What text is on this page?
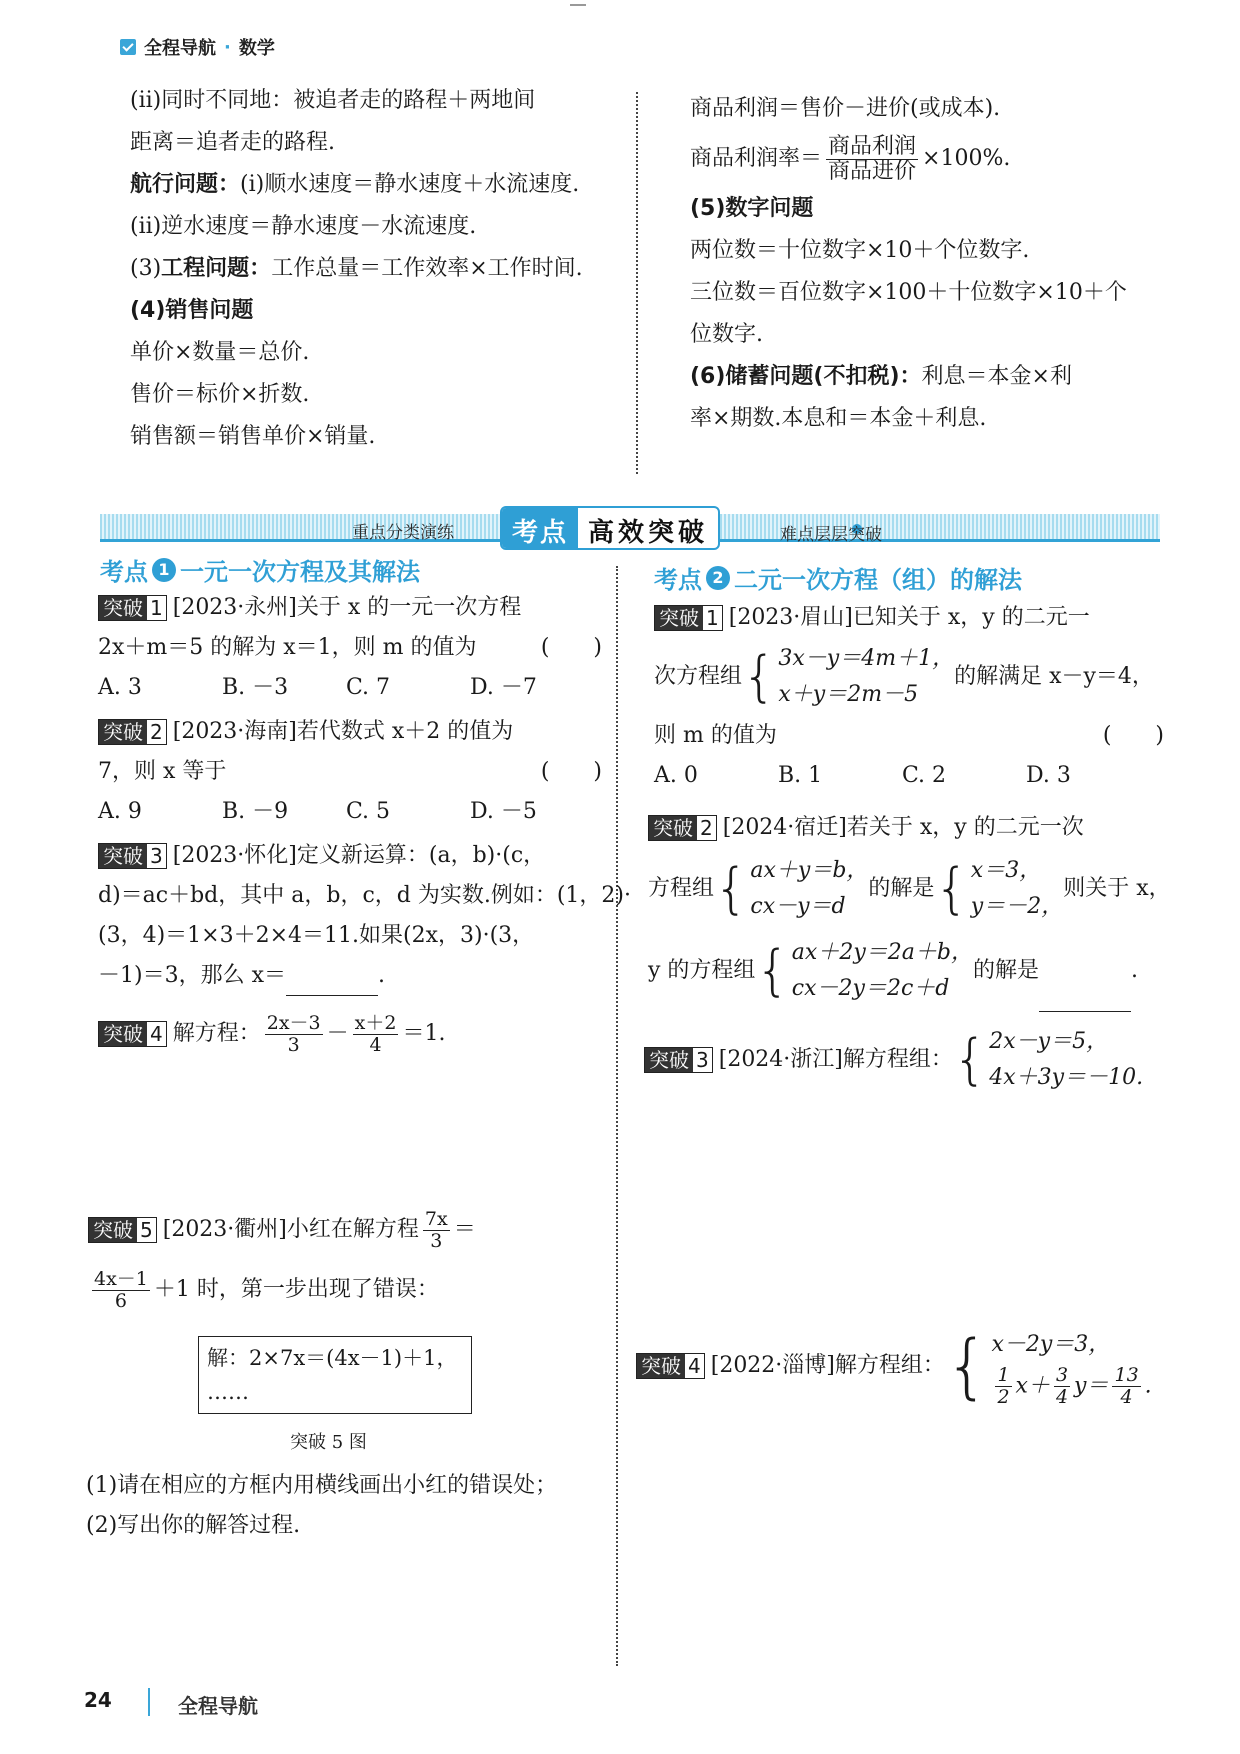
全程导航 · 数学

(ⅱ)同时不同地：被追者走的路程＋两地间

距离＝追者走的路程.

航行问题：(ⅰ)顺水速度＝静水速度＋水流速度.

(ⅱ)逆水速度＝静水速度－水流速度.

(3)工程问题：工作总量＝工作效率×工作时间.

(4)销售问题

单价×数量＝总价.

售价＝标价×折数.

销售额＝销售单价×销量.

商品利润＝售价－进价(或成本).

商品利润率＝ $\frac{\text{商品利润}}{\text{商品进价}} \times 100\%$.

(5)数字问题

两位数＝十位数字×10＋个位数字.

三位数＝百位数字×100＋十位数字×10＋个

位数字.

(6)储蓄问题(不扣税)：利息＝本金×利

率×期数.本息和＝本金＋利息.

重点分类演练	考点 高效突破	难点层层突破
考点 1 一元一次方程及其解法	考点 2 二元一次方程（组）的解法

突破 1 [2023·永州]关于 x 的一元一次方程

2x＋m＝5 的解为 x＝1，则 m 的值为	(　　)

A. 3	B. －3	C. 7	D. －7

突破 2 [2023·海南]若代数式 x＋2 的值为

7，则 x 等于	(　　)

A. 9	B. －9	C. 5	D. －5

突破 3 [2023·怀化]定义新运算：(a，b)·(c，

d)＝ac＋bd，其中 a，b，c，d 为实数.例如：(1，2)·

(3，4)＝1×3＋2×4＝11.如果(2x，3)·(3，

－1)＝3，那么 x＝	.

突破 4 解方程： $\frac{2x-3}{3} - \frac{x+2}{4} =1$.

突破 5 [2023·衢州]小红在解方程 $\frac{7x}{3}$ ＝

$\frac{4x-1}{6} +1$ 时，第一步出现了错误：

解：2×7x＝(4x－1)＋1，

……

突破 5 图

(1)请在相应的方框内用横线画出小红的错误处；

(2)写出你的解答过程.

突破 1 [2023·眉山]已知关于 x，y 的二元一

次方程组 { 3x－y＝4m＋1，
x＋y＝2m－5
的解满足 x－y＝4，

则 m 的值为	(　　)

A. 0	B. 1	C. 2	D. 3

突破 2 [2024·宿迁]若关于 x，y 的二元一次

方程组 { ax＋y＝b，
cx－y＝d
的解是 { x＝3，
y＝－2，
则关于 x，

y 的方程组 { ax＋2y＝2a＋b，
cx－2y＝2c＋d
的解是	.

突破 3 [2024·浙江]解方程组： { 2x－y＝5，
4x＋3y＝－10.

突破 4 [2022·淄博]解方程组： { x－2y＝3，
$\frac{1}{2} x+ \frac{3}{4} y= \frac{13}{4}$ .

24	全程导航
